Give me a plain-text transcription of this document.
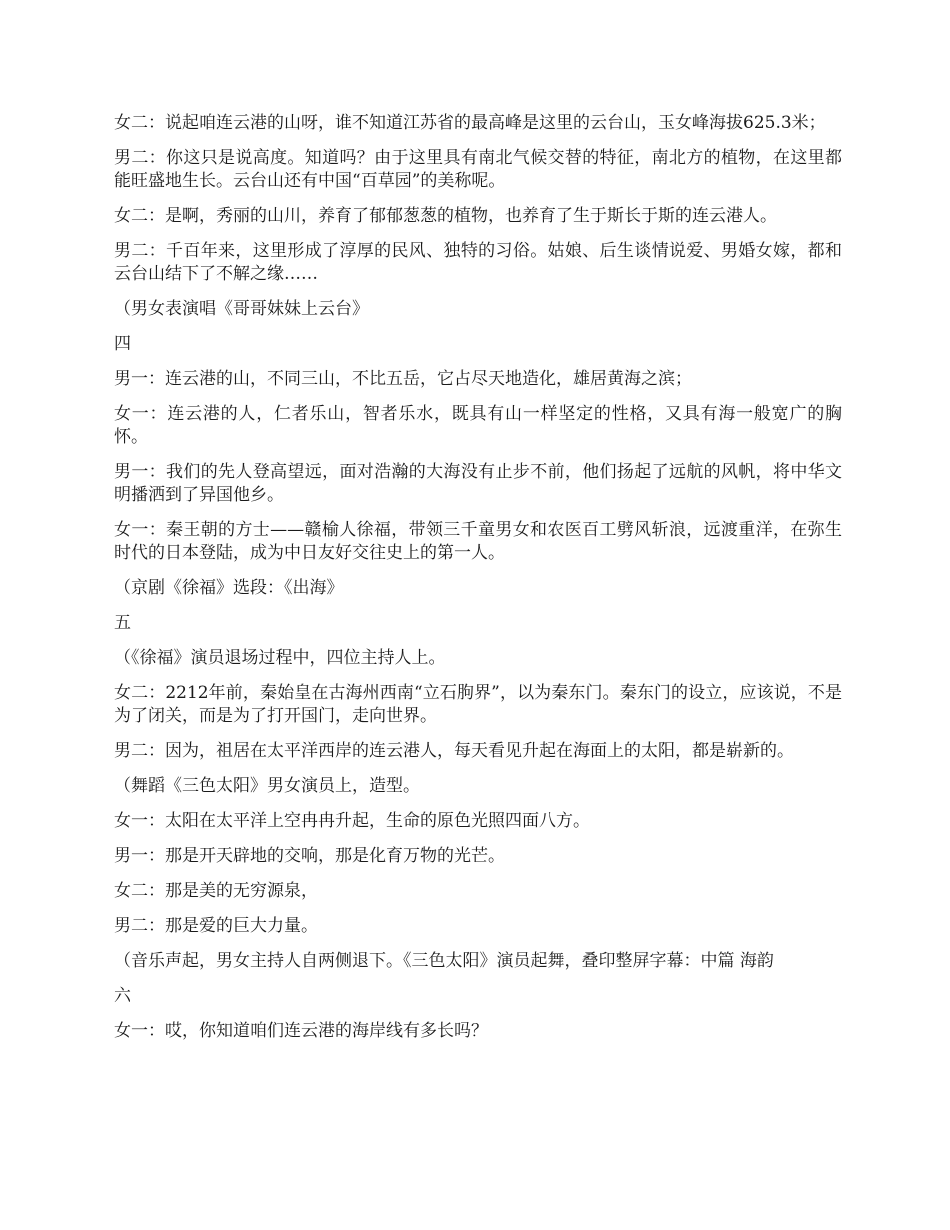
女二：说起咱连云港的山呀，谁不知道江苏省的最高峰是这里的云台山，玉女峰海拔625.3米；

男二：你这只是说高度。知道吗？由于这里具有南北气候交替的特征，南北方的植物，在这里都能旺盛地生长。云台山还有中国“百草园”的美称呢。

女二：是啊，秀丽的山川，养育了郁郁葱葱的植物，也养育了生于斯长于斯的连云港人。

男二：千百年来，这里形成了淳厚的民风、独特的习俗。姑娘、后生谈情说爱、男婚女嫁，都和云台山结下了不解之缘……

（男女表演唱《哥哥妹妹上云台》

四

男一：连云港的山，不同三山，不比五岳，它占尽天地造化，雄居黄海之滨；

女一：连云港的人，仁者乐山，智者乐水，既具有山一样坚定的性格，又具有海一般宽广的胸怀。

男一：我们的先人登高望远，面对浩瀚的大海没有止步不前，他们扬起了远航的风帆，将中华文明播洒到了异国他乡。

女一：秦王朝的方士——赣榆人徐福，带领三千童男女和农医百工劈风斩浪，远渡重洋，在弥生时代的日本登陆，成为中日友好交往史上的第一人。

（京剧《徐福》选段：《出海》

五

（《徐福》演员退场过程中，四位主持人上。

女二：2212年前，秦始皇在古海州西南“立石朐界”，以为秦东门。秦东门的设立，应该说，不是为了闭关，而是为了打开国门，走向世界。

男二：因为，祖居在太平洋西岸的连云港人，每天看见升起在海面上的太阳，都是崭新的。

（舞蹈《三色太阳》男女演员上，造型。

女一：太阳在太平洋上空冉冉升起，生命的原色光照四面八方。

男一：那是开天辟地的交响，那是化育万物的光芒。

女二：那是美的无穷源泉，

男二：那是爱的巨大力量。

（音乐声起，男女主持人自两侧退下。《三色太阳》演员起舞，叠印整屏字幕：中篇 海韵

六

女一：哎，你知道咱们连云港的海岸线有多长吗？
